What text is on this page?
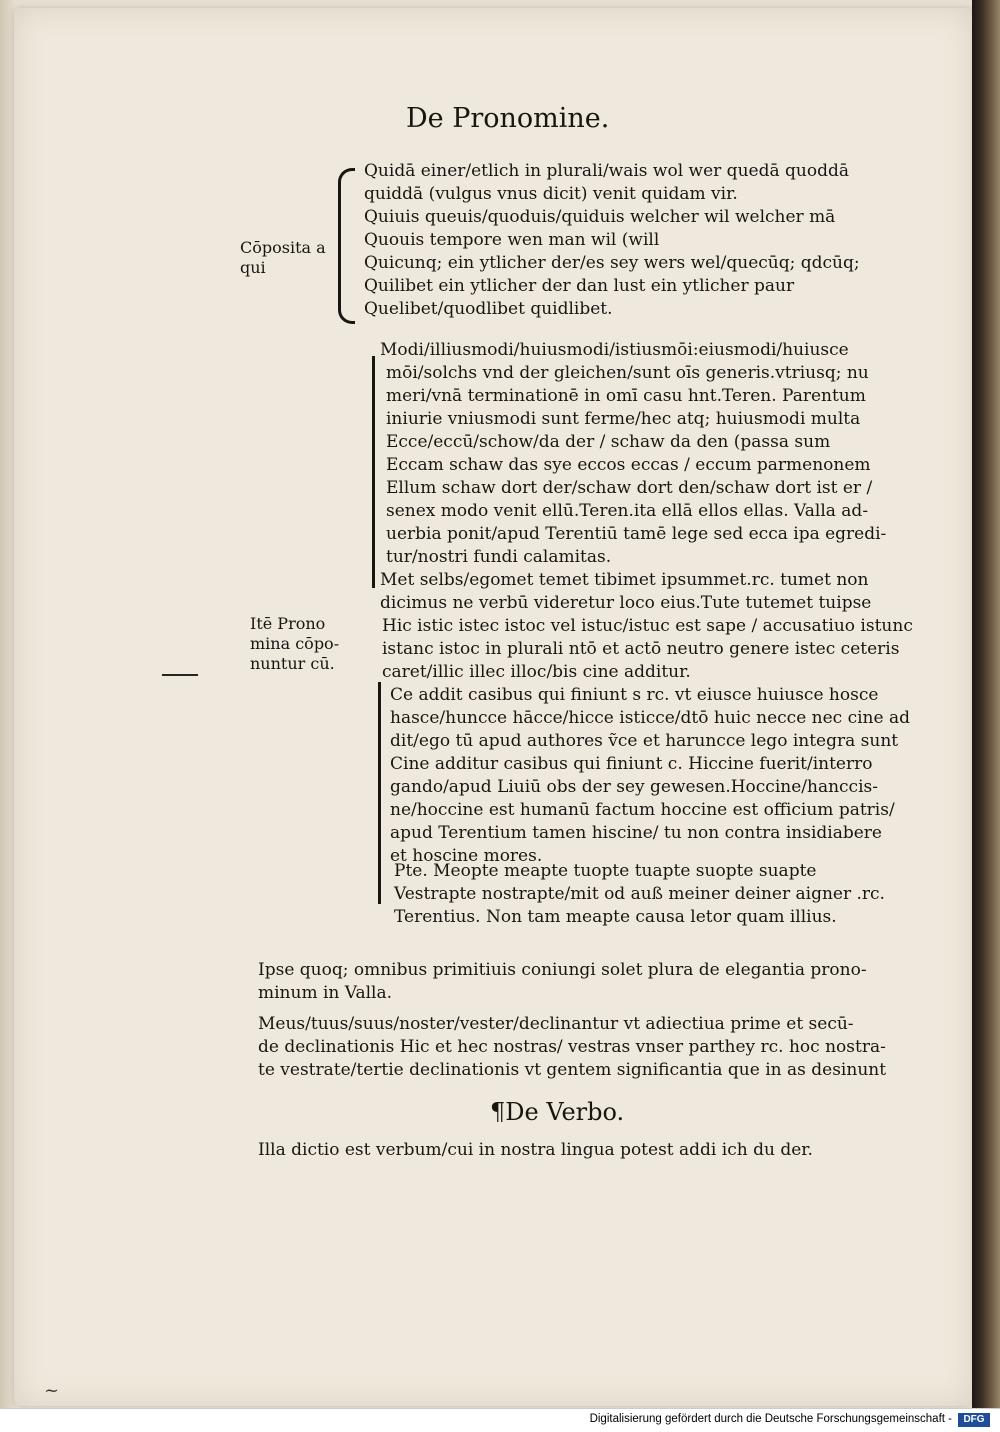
De Pronomine.
Cōposita a qui
Quidā einer/etlich in plurali/wais wol wer quedā quoddā
quiddā (vulgus vnus dicit) venit quidam vir.
Quiuis queuis/quoduis/quiduis welcher wil welcher mā
Quouis tempore wen man wil (will
Quicunq; ein ytlicher der/es sey wers wel/quecūq; qdcūq;
Quilibet ein ytlicher der dan lust ein ytlicher paur
Quelibet/quodlibet quidlibet.
Itē Prono mina cōpo- nuntur cū.
~
Modi/illiusmodi/huiusmodi/istiusmōi:eiusmodi/huiusce
mōi/solchs vnd der gleichen/sunt oīs generis.vtriusq; nu
meri/vnā terminationē in omī casu hnt.Teren. Parentum
iniurie vniusmodi sunt ferme/hec atq; huiusmodi multa
Ecce/eccū/schow/da der / schaw da den (passa sum
Eccam schaw das sye eccos eccas / eccum parmenonem
Ellum schaw dort der/schaw dort den/schaw dort ist er /
senex modo venit ellū.Teren.ita ellā ellos ellas. Valla ad-
uerbia ponit/apud Terentiū tamē lege sed ecca ipa egredi-
tur/nostri fundi calamitas.
Met selbs/egomet temet tibimet ipsummet.rc. tumet non
dicimus ne verbū videretur loco eius.Tute tutemet tuipse
Hic istic istec istoc vel istuc/istuc est sape / accusatiuo istunc
istanc istoc in plurali ntō et actō neutro genere istec ceteris
caret/illic illec illoc/bis cine additur.
Ce addit casibus qui finiunt s rc. vt eiusce huiusce hosce
hasce/huncce hācce/hicce isticce/dtō huic necce nec cine ad
dit/ego tū apud authores ṽce et haruncce lego integra sunt
Cine additur casibus qui finiunt c. Hiccine fuerit/interro
gando/apud Liuiū obs der sey gewesen.Hoccine/hanccis-
ne/hoccine est humanū factum hoccine est officium patris/
apud Terentium tamen hiscine/ tu non contra insidiabere
et hoscine mores.
Pte. Meopte meapte tuopte tuapte suopte suapte
Vestrapte nostrapte/mit od auß meiner deiner aigner .rc.
Terentius. Non tam meapte causa letor quam illius.
Ipse quoq; omnibus primitiuis coniungi solet plura de elegantia prono-
minum in Valla.
Meus/tuus/suus/noster/vester/declinantur vt adiectiua prime et secū-
de declinationis Hic et hec nostras/ vestras vnser parthey rc. hoc nostra-
te vestrate/tertie declinationis vt gentem significantia que in as desinunt
¶De Verbo.
Illa dictio est verbum/cui in nostra lingua potest addi ich du der.
Digitalisierung gefördert durch die Deutsche Forschungsgemeinschaft -	DFG
